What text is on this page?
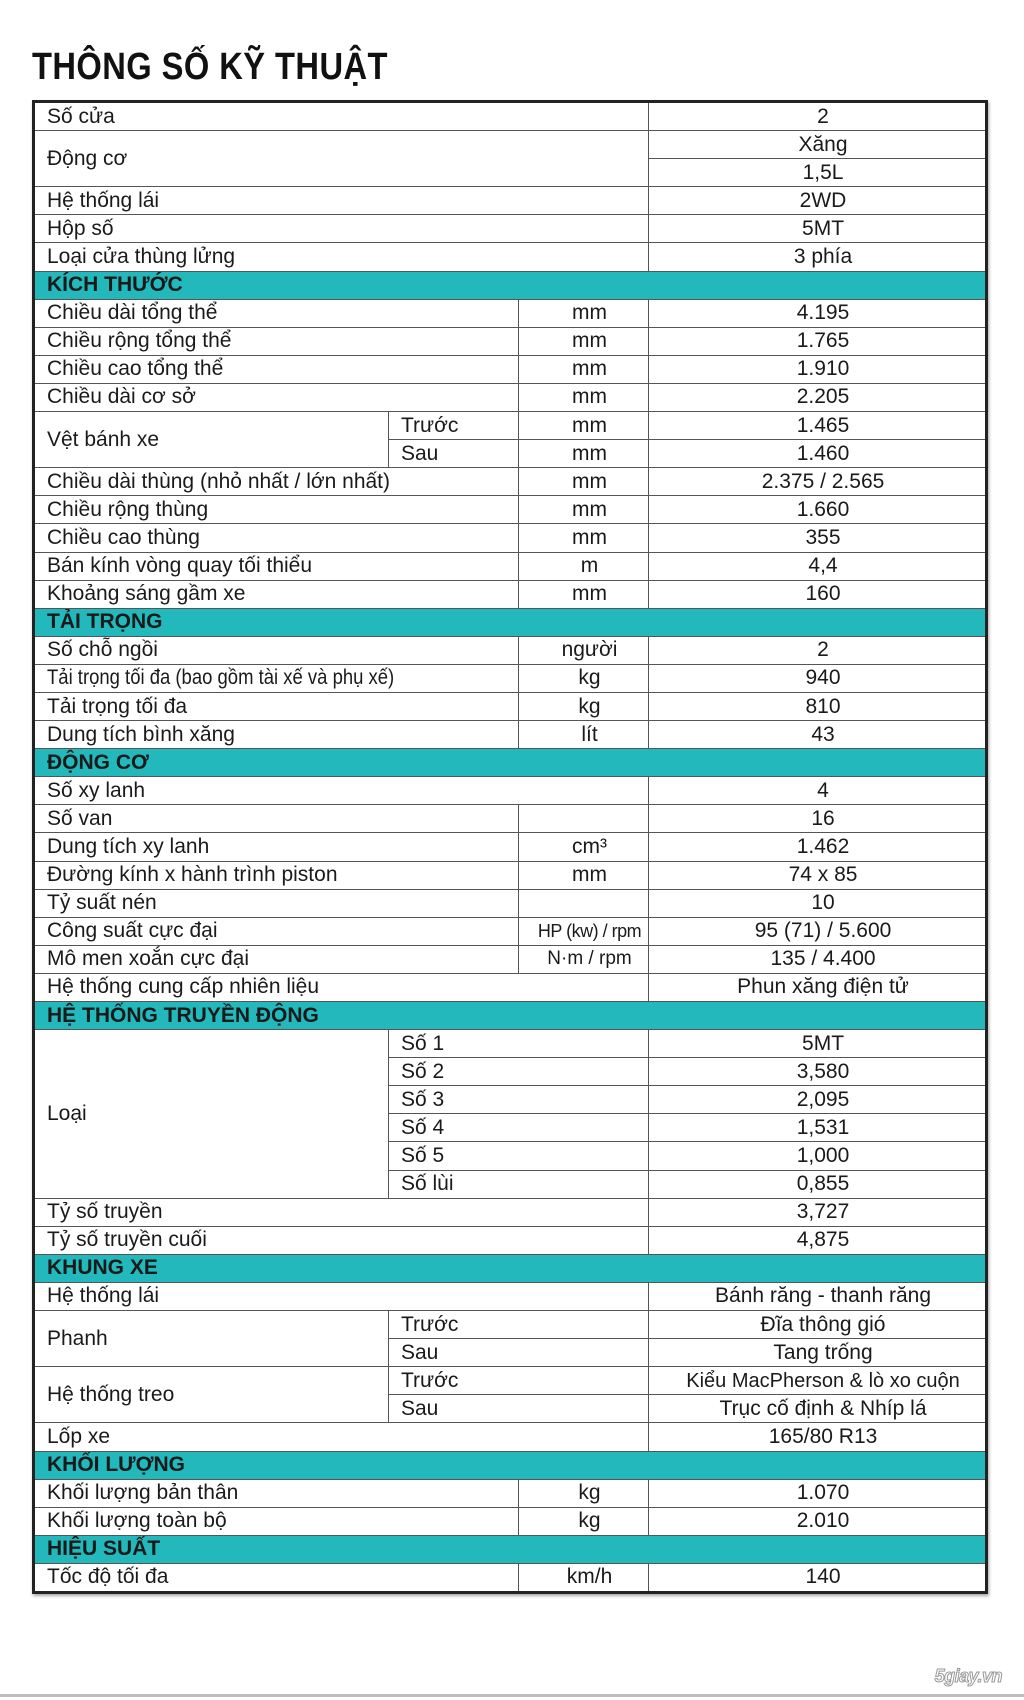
THÔNG SỐ KỸ THUẬT
Số cửa			2
Động cơ			Xăng
			1,5L
Hệ thống lái			2WD
Hộp số			5MT
Loại cửa thùng lửng			3 phía
KÍCH THƯỚC			
Chiều dài tổng thể		mm	4.195
Chiều rộng tổng thể		mm	1.765
Chiều cao tổng thể		mm	1.910
Chiều dài cơ sở		mm	2.205
Vệt bánh xe	Trước	mm	1.465
	Sau	mm	1.460
Chiều dài thùng (nhỏ nhất / lớn nhất)		mm	2.375 / 2.565
Chiều rộng thùng		mm	1.660
Chiều cao thùng		mm	355
Bán kính vòng quay tối thiểu		m	4,4
Khoảng sáng gầm xe		mm	160
TẢI TRỌNG			
Số chỗ ngồi		người	2
Tải trọng tối đa (bao gồm tài xế và phụ xế)		kg	940
Tải trọng tối đa		kg	810
Dung tích bình xăng		lít	43
ĐỘNG CƠ			
Số xy lanh			4
Số van			16
Dung tích xy lanh		cm³	1.462
Đường kính x hành trình piston		mm	74 x 85
Tỷ suất nén			10
Công suất cực đại		HP (kw) / rpm	95 (71) / 5.600
Mô men xoắn cực đại		N·m / rpm	135 / 4.400
Hệ thống cung cấp nhiên liệu			Phun xăng điện tử
HỆ THỐNG TRUYỀN ĐỘNG			
Loại	Số 1		5MT
	Số 2		3,580
	Số 3		2,095
	Số 4		1,531
	Số 5		1,000
	Số lùi		0,855
Tỷ số truyền			3,727
Tỷ số truyền cuối			4,875
KHUNG XE			
Hệ thống lái			Bánh răng - thanh răng
Phanh	Trước		Đĩa thông gió
	Sau		Tang trống
Hệ thống treo	Trước		Kiểu MacPherson & lò xo cuộn
	Sau		Trục cố định & Nhíp lá
Lốp xe			165/80 R13
KHỐI LƯỢNG			
Khối lượng bản thân		kg	1.070
Khối lượng toàn bộ		kg	2.010
HIỆU SUẤT			
Tốc độ tối đa		km/h	140
5giay.vn
